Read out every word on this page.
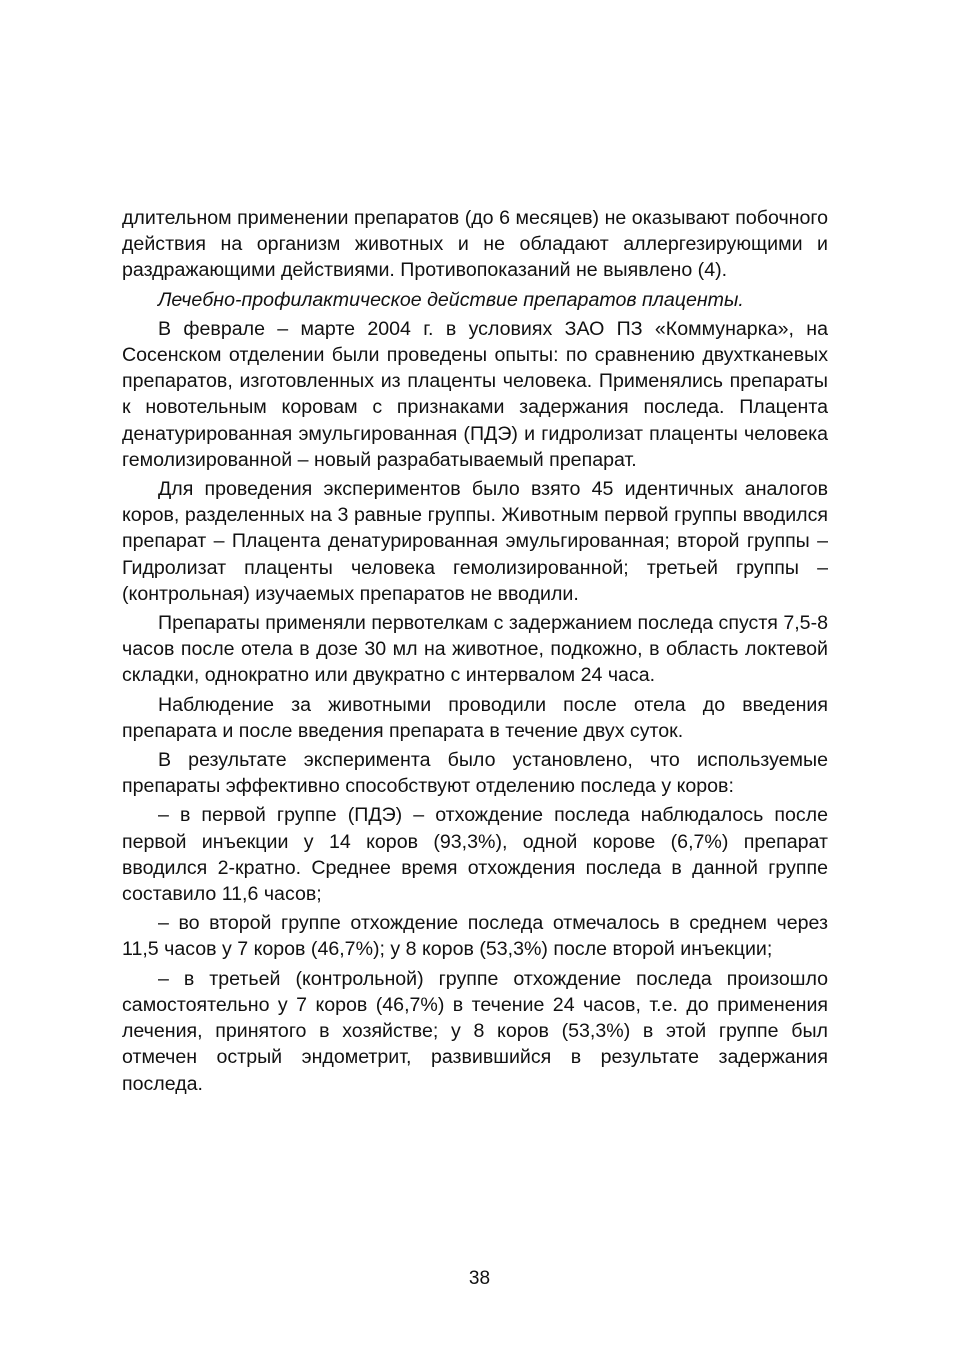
длительном применении препаратов (до 6 месяцев) не оказывают побочного действия на организм животных и не обладают аллергезирующими и раздражающими действиями. Противопоказаний не выявлено (4).

Лечебно-профилактическое действие препаратов плаценты.

В феврале – марте 2004 г. в условиях ЗАО ПЗ «Коммунарка», на Сосенском отделении были проведены опыты: по сравнению двухтканевых препаратов, изготовленных из плаценты человека. Применялись препараты к новотельным коровам с признаками задержания последа. Плацента денатурированная эмульгированная (ПДЭ) и гидролизат плаценты человека гемолизированной – новый разрабатываемый препарат.

Для проведения экспериментов было взято 45 идентичных аналогов коров, разделенных на 3 равные группы. Животным первой группы вводился препарат – Плацента денатурированная эмульгированная; второй группы – Гидролизат плаценты человека гемолизированной; третьей группы – (контрольная) изучаемых препаратов не вводили.

Препараты применяли первотелкам с задержанием последа спустя 7,5-8 часов после отела в дозе 30 мл на животное, подкожно, в область локтевой складки, однократно или двукратно с интервалом 24 часа.

Наблюдение за животными проводили после отела до введения препарата и после введения препарата в течение двух суток.

В результате эксперимента было установлено, что используемые препараты эффективно способствуют отделению последа у коров:

– в первой группе (ПДЭ) – отхождение последа наблюдалось после первой инъекции у 14 коров (93,3%), одной корове (6,7%) препарат вводился 2-кратно. Среднее время отхождения последа в данной группе составило 11,6 часов;

– во второй группе отхождение последа отмечалось в среднем через 11,5 часов у 7 коров (46,7%); у 8 коров (53,3%) после второй инъекции;

– в третьей (контрольной) группе отхождение последа произошло самостоятельно у 7 коров (46,7%) в течение 24 часов, т.е. до применения лечения, принятого в хозяйстве; у 8 коров (53,3%) в этой группе был отмечен острый эндометрит, развившийся в результате задержания последа.

38
